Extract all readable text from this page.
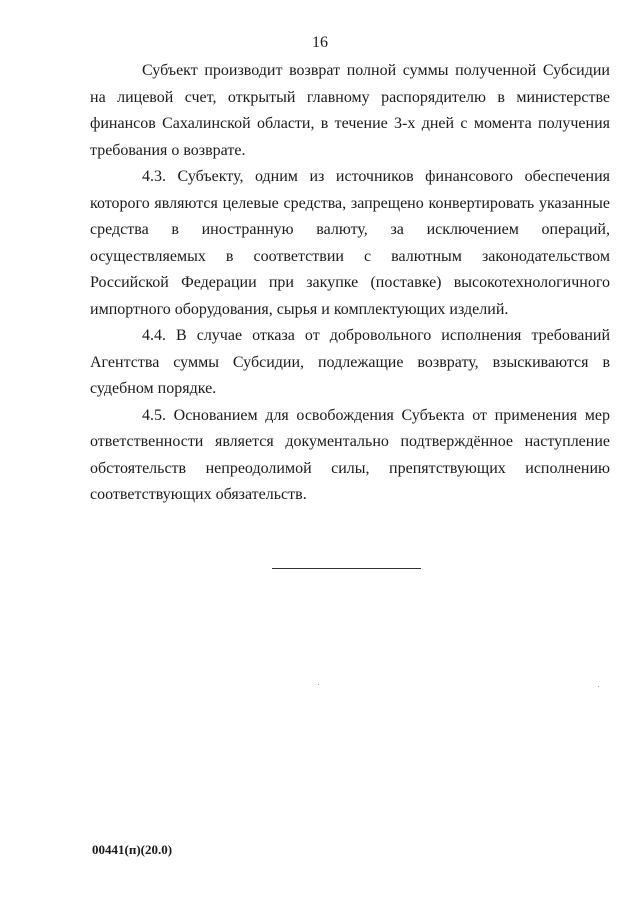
16

Субъект производит возврат полной суммы полученной Субсидии на лицевой счет, открытый главному распорядителю в министерстве финансов Сахалинской области, в течение 3-х дней с момента получения требования о возврате.

4.3. Субъекту, одним из источников финансового обеспечения которого являются целевые средства, запрещено конвертировать указанные средства в иностранную валюту, за исключением операций, осуществляемых в соответствии с валютным законодательством Российской Федерации при закупке (поставке) высокотехнологичного импортного оборудования, сырья и комплектующих изделий.

4.4. В случае отказа от добровольного исполнения требований Агентства суммы Субсидии, подлежащие возврату, взыскиваются в судебном порядке.

4.5. Основанием для освобождения Субъекта от применения мер ответственности является документально подтверждённое наступление обстоятельств непреодолимой силы, препятствующих исполнению соответствующих обязательств.

00441(п)(20.0)
